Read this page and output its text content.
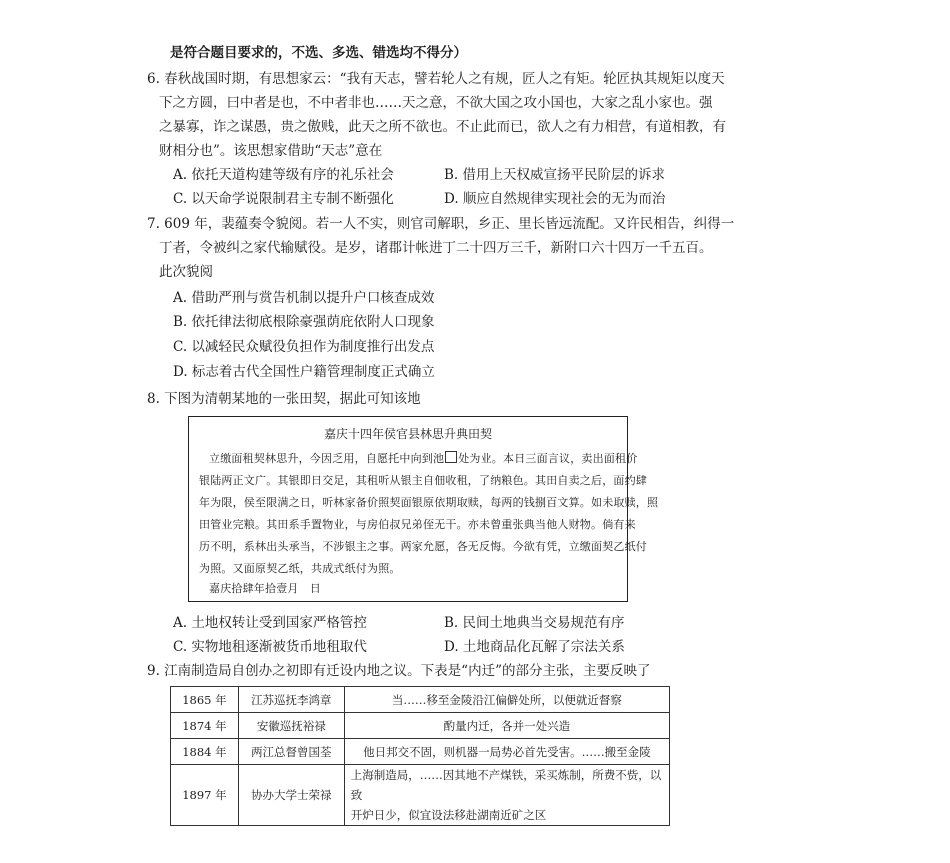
是符合题目要求的，不选、多选、错选均不得分）
6. 春秋战国时期，有思想家云：“我有天志，譬若轮人之有规，匠人之有矩。轮匠执其规矩以度天
下之方圆，曰中者是也，不中者非也……天之意，不欲大国之攻小国也，大家之乱小家也。强
之暴寡，诈之谋愚，贵之傲贱，此天之所不欲也。不止此而已，欲人之有力相营，有道相教，有
财相分也”。该思想家借助“天志”意在
A. 依托天道构建等级有序的礼乐社会	B. 借用上天权威宣扬平民阶层的诉求
C. 以天命学说限制君主专制不断强化	D. 顺应自然规律实现社会的无为而治
7. 609 年，裴蕴奏令貌阅。若一人不实，则官司解职，乡正、里长皆远流配。又许民相告，纠得一
丁者，令被纠之家代输赋役。是岁，诸郡计帐进丁二十四万三千，新附口六十四万一千五百。
此次貌阅
A. 借助严刑与赏告机制以提升户口核查成效
B. 依托律法彻底根除豪强荫庇依附人口现象
C. 以减轻民众赋役负担作为制度推行出发点
D. 标志着古代全国性户籍管理制度正式确立
8. 下图为清朝某地的一张田契，据此可知该地
嘉庆十四年侯官县林思升典田契
立缴面租契林思升，今因乏用，自愿托中向到池 处为业。本日三面言议，卖出面租价
银陆两正文广。其银即日交足，其租听从银主自佃收租，了纳粮色。其田自卖之后，面约肆
年为限，侯至限满之日，听林家备价照契面银原依期取赎，每两的钱捌百文算。如未取赎，照
田管业完粮。其田系手置物业，与房伯叔兄弟侄无干。亦未曾重张典当他人财物。倘有来
历不明，系林出头承当，不涉银主之事。两家允愿，各无反悔。今欲有凭，立缴面契乙纸付
为照。又面原契乙纸，共成式纸付为照。
嘉庆拾肆年拾壹月　日
A. 土地权转让受到国家严格管控	B. 民间土地典当交易规范有序
C. 实物地租逐渐被货币地租取代	D. 土地商品化瓦解了宗法关系
9. 江南制造局自创办之初即有迁设内地之议。下表是“内迁”的部分主张，主要反映了
1865 年	江苏巡抚李鸿章	当……移至金陵沿江偏僻处所，以便就近督察
1874 年	安徽巡抚裕禄	酌量内迁，各并一处兴造
1884 年	两江总督曾国荃	他日邦交不固，则机器一局势必首先受害。……搬至金陵
1897 年	协办大学士荣禄	上海制造局，……因其地不产煤铁，采买炼制，所费不赀，以致
开炉日少，似宜设法移赴湖南近矿之区
